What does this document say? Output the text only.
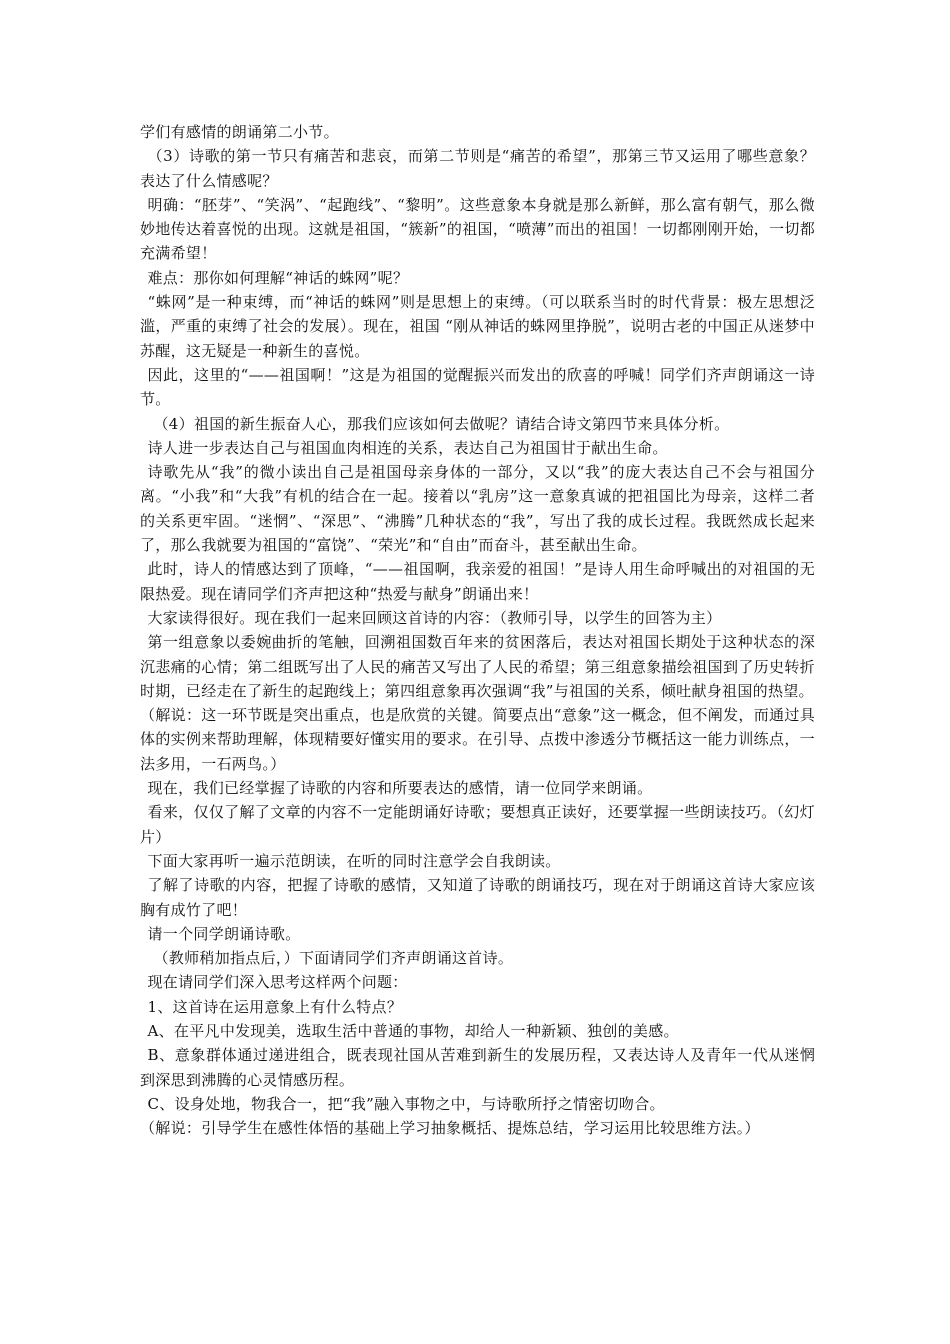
学们有感情的朗诵第二小节。

（3）诗歌的第一节只有痛苦和悲哀，而第二节则是“痛苦的希望”，那第三节又运用了哪些意象？表达了什么情感呢？

明确：“胚芽”、“笑涡”、“起跑线”、“黎明”。这些意象本身就是那么新鲜，那么富有朝气，那么微妙地传达着喜悦的出现。这就是祖国，“簇新”的祖国，“喷薄”而出的祖国！一切都刚刚开始，一切都充满希望！

难点：那你如何理解“神话的蛛网”呢？

“蛛网”是一种束缚，而“神话的蛛网”则是思想上的束缚。（可以联系当时的时代背景：极左思想泛滥，严重的束缚了社会的发展）。现在，祖国 “刚从神话的蛛网里挣脱”，说明古老的中国正从迷梦中苏醒，这无疑是一种新生的喜悦。

因此，这里的“——祖国啊！”这是为祖国的觉醒振兴而发出的欣喜的呼喊！同学们齐声朗诵这一诗节。

（4）祖国的新生振奋人心，那我们应该如何去做呢？请结合诗文第四节来具体分析。

诗人进一步表达自己与祖国血肉相连的关系，表达自己为祖国甘于献出生命。

诗歌先从“我”的微小读出自己是祖国母亲身体的一部分，又以“我”的庞大表达自己不会与祖国分离。“小我”和“大我”有机的结合在一起。接着以“乳房”这一意象真诚的把祖国比为母亲，这样二者的关系更牢固。“迷惘”、“深思”、“沸腾”几种状态的“我”，写出了我的成长过程。我既然成长起来了，那么我就要为祖国的“富饶”、“荣光”和“自由”而奋斗，甚至献出生命。

此时，诗人的情感达到了顶峰，“——祖国啊，我亲爱的祖国！”是诗人用生命呼喊出的对祖国的无限热爱。现在请同学们齐声把这种“热爱与献身”朗诵出来！

大家读得很好。现在我们一起来回顾这首诗的内容：（教师引导，以学生的回答为主）

第一组意象以委婉曲折的笔触，回溯祖国数百年来的贫困落后，表达对祖国长期处于这种状态的深沉悲痛的心情；第二组既写出了人民的痛苦又写出了人民的希望；第三组意象描绘祖国到了历史转折时期，已经走在了新生的起跑线上；第四组意象再次强调“我”与祖国的关系，倾吐献身祖国的热望。

（解说：这一环节既是突出重点，也是欣赏的关键。简要点出“意象”这一概念，但不阐发，而通过具体的实例来帮助理解，体现精要好懂实用的要求。在引导、点拨中渗透分节概括这一能力训练点，一法多用，一石两鸟。）

现在，我们已经掌握了诗歌的内容和所要表达的感情，请一位同学来朗诵。

看来，仅仅了解了文章的内容不一定能朗诵好诗歌；要想真正读好，还要掌握一些朗读技巧。（幻灯片）

下面大家再听一遍示范朗读，在听的同时注意学会自我朗读。

了解了诗歌的内容，把握了诗歌的感情，又知道了诗歌的朗诵技巧，现在对于朗诵这首诗大家应该胸有成竹了吧！

请一个同学朗诵诗歌。

（教师稍加指点后，）下面请同学们齐声朗诵这首诗。

现在请同学们深入思考这样两个问题：

1、这首诗在运用意象上有什么特点？

A、在平凡中发现美，选取生活中普通的事物，却给人一种新颖、独创的美感。

B、意象群体通过递进组合，既表现社国从苦难到新生的发展历程，又表达诗人及青年一代从迷惘到深思到沸腾的心灵情感历程。

C、设身处地，物我合一，把“我”融入事物之中，与诗歌所抒之情密切吻合。

（解说：引导学生在感性体悟的基础上学习抽象概括、提炼总结，学习运用比较思维方法。）
